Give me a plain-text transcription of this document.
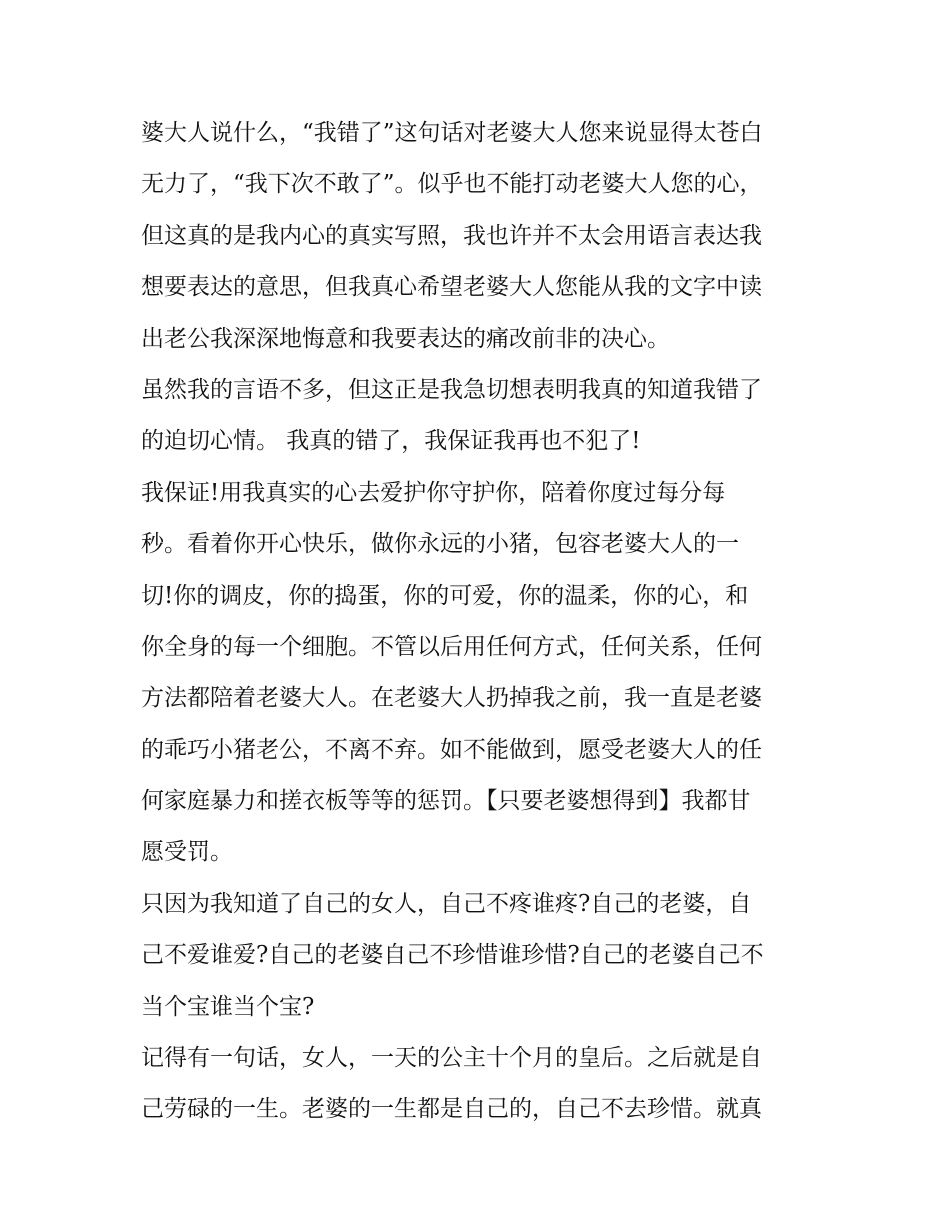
婆大人说什么，“我错了”这句话对老婆大人您来说显得太苍白
无力了，“我下次不敢了”。似乎也不能打动老婆大人您的心，
但这真的是我内心的真实写照，我也许并不太会用语言表达我
想要表达的意思，但我真心希望老婆大人您能从我的文字中读
出老公我深深地悔意和我要表达的痛改前非的决心。
虽然我的言语不多，但这正是我急切想表明我真的知道我错了
的迫切心情。 我真的错了，我保证我再也不犯了!
我保证!用我真实的心去爱护你守护你，陪着你度过每分每
秒。看着你开心快乐，做你永远的小猪，包容老婆大人的一
切!你的调皮，你的捣蛋，你的可爱，你的温柔，你的心，和
你全身的每一个细胞。不管以后用任何方式，任何关系，任何
方法都陪着老婆大人。在老婆大人扔掉我之前，我一直是老婆
的乖巧小猪老公，不离不弃。如不能做到，愿受老婆大人的任
何家庭暴力和搓衣板等等的惩罚。【只要老婆想得到】我都甘
愿受罚。
只因为我知道了自己的女人，自己不疼谁疼?自己的老婆，自
己不爱谁爱?自己的老婆自己不珍惜谁珍惜?自己的老婆自己不
当个宝谁当个宝?
记得有一句话，女人，一天的公主十个月的皇后。之后就是自
己劳碌的一生。老婆的一生都是自己的，自己不去珍惜。就真
